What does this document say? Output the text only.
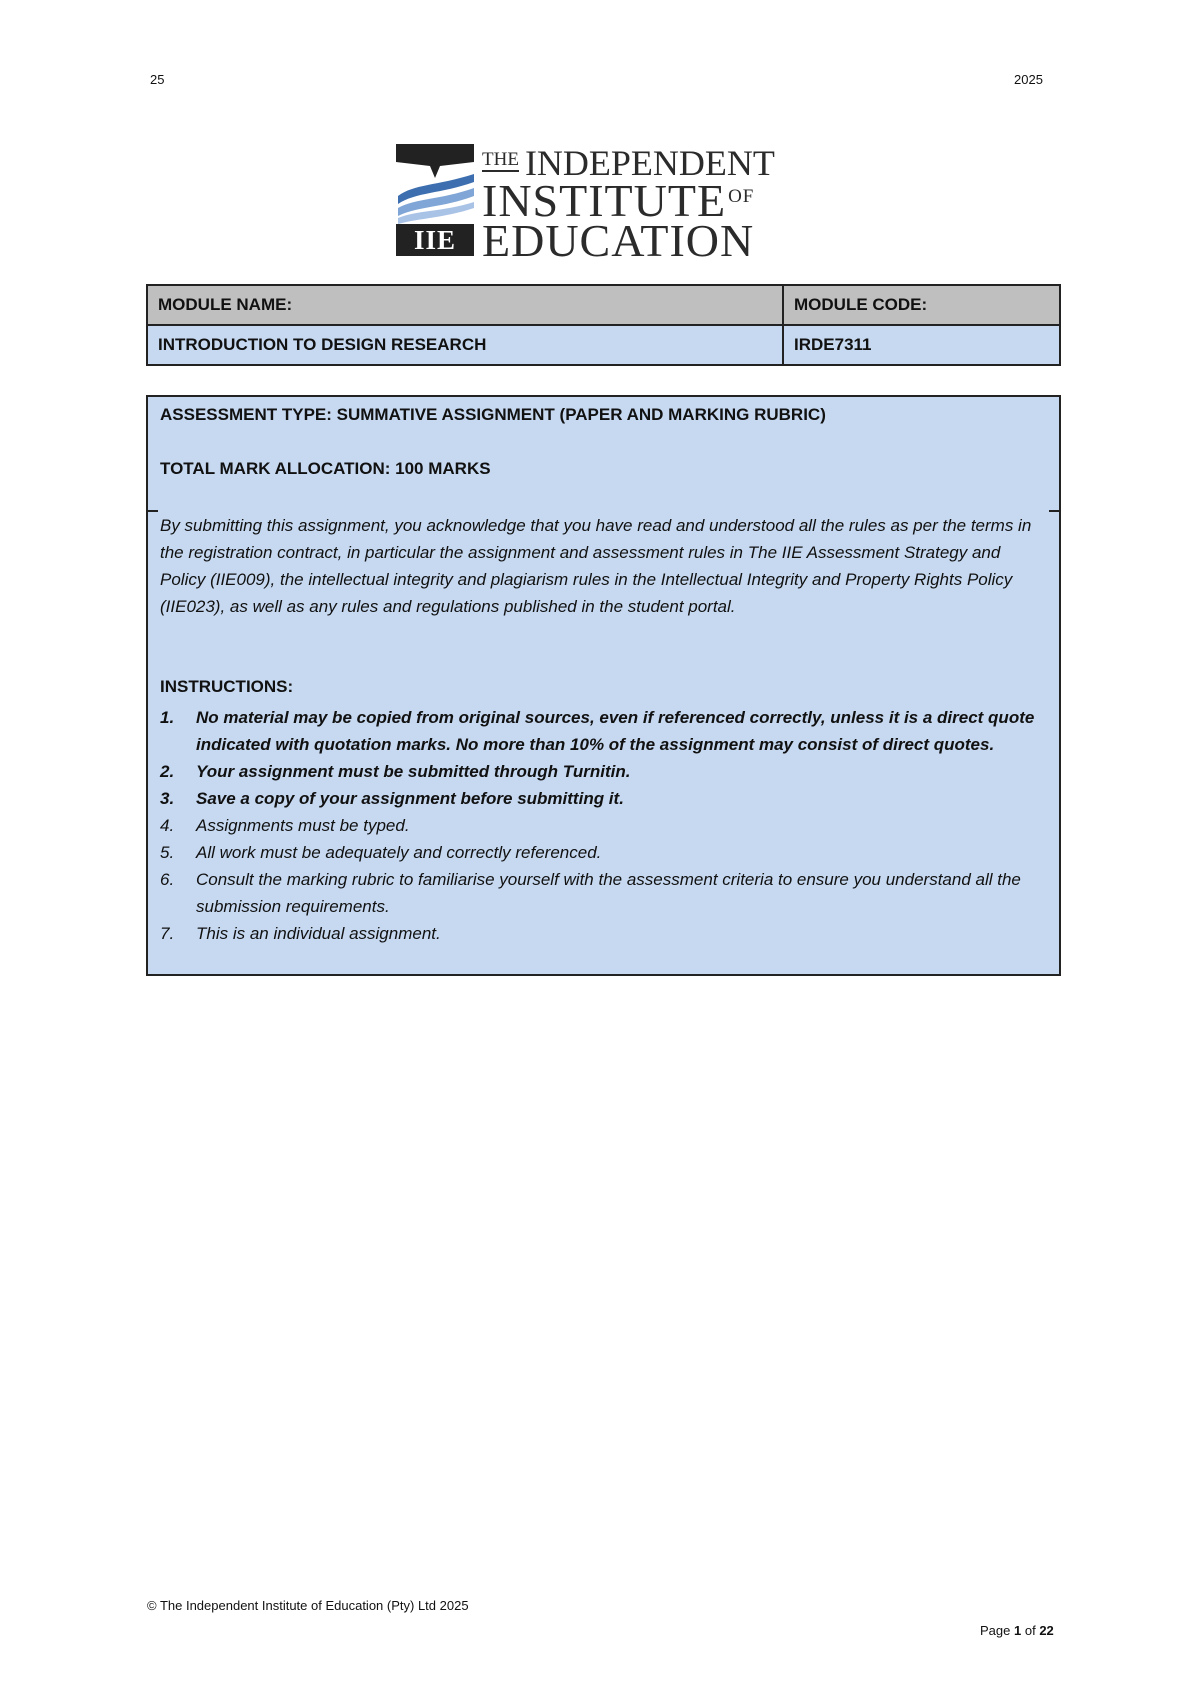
25	2025
IIE
$^{THE}$ INDEPENDENT
INSTITUTE $^{OF}$
EDUCATION
MODULE NAME:	MODULE CODE:
INTRODUCTION TO DESIGN RESEARCH	IRDE7311
ASSESSMENT TYPE: SUMMATIVE ASSIGNMENT (PAPER AND MARKING RUBRIC)
TOTAL MARK ALLOCATION: 100 MARKS
By submitting this assignment, you acknowledge that you have read and understood all the rules as per the terms in the registration contract, in particular the assignment and assessment rules in The IIE Assessment Strategy and Policy (IIE009), the intellectual integrity and plagiarism rules in the Intellectual Integrity and Property Rights Policy (IIE023), as well as any rules and regulations published in the student portal.
INSTRUCTIONS:
1.	No material may be copied from original sources, even if referenced correctly, unless it is a direct quote indicated with quotation marks. No more than 10% of the assignment may consist of direct quotes.
2.	Your assignment must be submitted through Turnitin.
3.	Save a copy of your assignment before submitting it.
4.	Assignments must be typed.
5.	All work must be adequately and correctly referenced.
6.	Consult the marking rubric to familiarise yourself with the assessment criteria to ensure you understand all the submission requirements.
7.	This is an individual assignment.
© The Independent Institute of Education (Pty) Ltd 2025
Page 1 of 22
